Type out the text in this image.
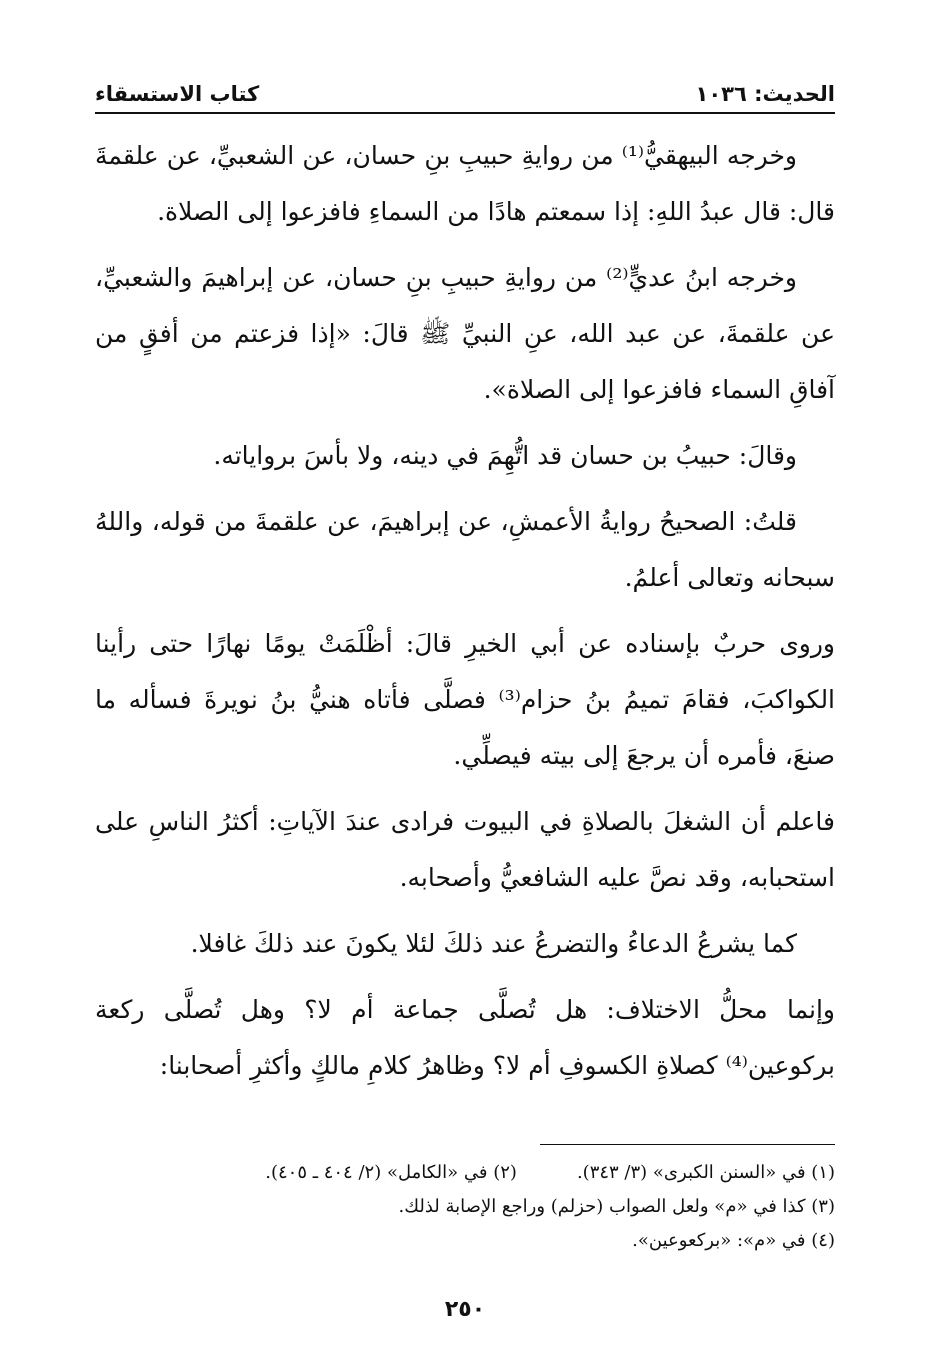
الحديث: ١٠٣٦
كتاب الاستسقاء

وخرجه البيهقيُّ⁽¹⁾ من روايةِ حبيبِ بنِ حسان، عن الشعبيِّ، عن علقمةَ قال: قال عبدُ اللهِ: إذا سمعتم هادًا من السماءِ فافزعوا إلى الصلاة.

وخرجه ابنُ عديٍّ⁽²⁾ من روايةِ حبيبِ بنِ حسان، عن إبراهيمَ والشعبيِّ، عن علقمةَ، عن عبد الله، عنِ النبيِّ ﷺ قالَ: «إذا فزعتم من أفقٍ من آفاقِ السماء فافزعوا إلى الصلاة».

وقالَ: حبيبُ بن حسان قد اتُّهِمَ في دينه، ولا بأسَ برواياته.

قلتُ: الصحيحُ روايةُ الأعمشِ، عن إبراهيمَ، عن علقمةَ من قوله، واللهُ سبحانه وتعالى أعلمُ.

وروى حربٌ بإسناده عن أبي الخيرِ قالَ: أظْلَمَتْ يومًا نهارًا حتى رأينا الكواكبَ، فقامَ تميمُ بنُ حزام⁽³⁾ فصلَّى فأتاه هنيُّ بنُ نويرةَ فسأله ما صنعَ، فأمره أن يرجعَ إلى بيته فيصلِّي.

فاعلم أن الشغلَ بالصلاةِ في البيوت فرادى عندَ الآياتِ: أكثرُ الناسِ على استحبابه، وقد نصَّ عليه الشافعيُّ وأصحابه.

كما يشرعُ الدعاءُ والتضرعُ عند ذلكَ لئلا يكونَ عند ذلكَ غافلا.

وإنما محلُّ الاختلاف: هل تُصلَّى جماعة أم لا؟ وهل تُصلَّى ركعة بركوعين⁽⁴⁾ كصلاةِ الكسوفِ أم لا؟ وظاهرُ كلامِ مالكٍ وأكثرِ أصحابنا:

(١) في «السنن الكبرى» (٣/ ٣٤٣).
(٢) في «الكامل» (٢/ ٤٠٤ ـ ٤٠٥).
(٣) كذا في «م» ولعل الصواب (حزلم) وراجع الإصابة لذلك.
(٤) في «م»: «بركعوعين».
٢٥٠
